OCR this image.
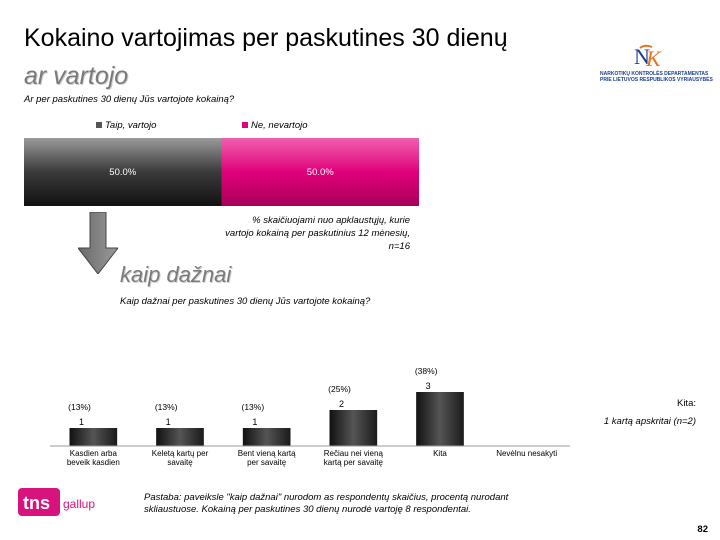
Kokaino vartojimas per paskutines 30 dienų
ar vartojo
Ar per paskutines 30 dienų Jūs vartojote kokainą?
N
K
NARKOTIKŲ KONTROLĖS DEPARTAMENTAS
PRIE LIETUVOS RESPUBLIKOS VYRIAUSYBĖS
Taip, vartojo	Ne, nevartojo
50.0%	50.0%
% skaičiuojami nuo apklaustųjų, kurie
vartojo kokainą per paskutinius 12 mėnesių,
n=16
kaip dažnai
Kaip dažnai per paskutines 30 dienų Jūs vartojote kokainą?
1	1	1
2
3
(13%)	(13%)	(13%)
(25%)
(38%)
Kasdien arba
beveik kasdien
Keletą kartų per
savaitę
Bent vieną kartą
per savaitę
Rečiau nei vieną
kartą per savaitę
Kita	Nevėlnu nesakyti
Kita:
1 kartą apskritai (n=2)
tns gallup	Pastaba: paveiksle "kaip dažnai" nurodom as respondentų skaičius, procentą nurodant
skliaustuose. Kokainą per paskutines 30 dienų nurodė vartoję 8 respondentai.
82
